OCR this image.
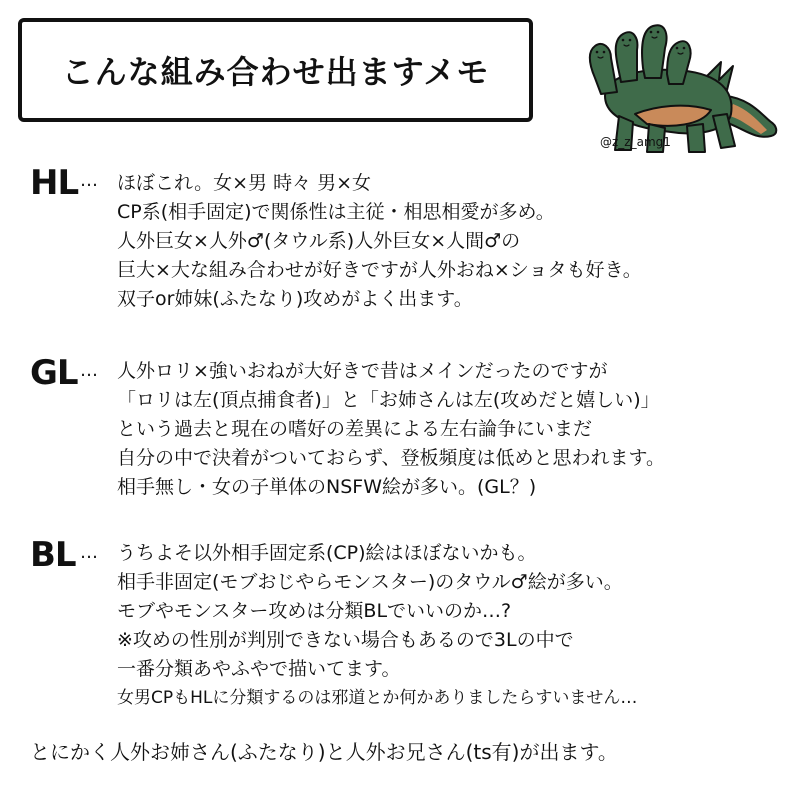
こんな組み合わせ出ますメモ
@z_z_amg1
HL … ほぼこれ。女×男 時々 男×女
CP系(相手固定)で関係性は主従・相思相愛が多め。
人外巨女×人外♂(タウル系)人外巨女×人間♂の
巨大×大な組み合わせが好きですが人外おね×ショタも好き。
双子or姉妹(ふたなり)攻めがよく出ます。
GL … 人外ロリ×強いおねが大好きで昔はメインだったのですが
「ロリは左(頂点捕食者)」と「お姉さんは左(攻めだと嬉しい)」
という過去と現在の嗜好の差異による左右論争にいまだ
自分の中で決着がついておらず、登板頻度は低めと思われます。
相手無し・女の子単体のNSFW絵が多い。(GL？)
BL … うちよそ以外相手固定系(CP)絵はほぼないかも。
相手非固定(モブおじやらモンスター)のタウル♂絵が多い。
モブやモンスター攻めは分類BLでいいのか…?
※攻めの性別が判別できない場合もあるので3Lの中で
一番分類あやふやで描いてます。
女男CPもHLに分類するのは邪道とか何かありましたらすいません…
とにかく人外お姉さん(ふたなり)と人外お兄さん(ts有)が出ます。
